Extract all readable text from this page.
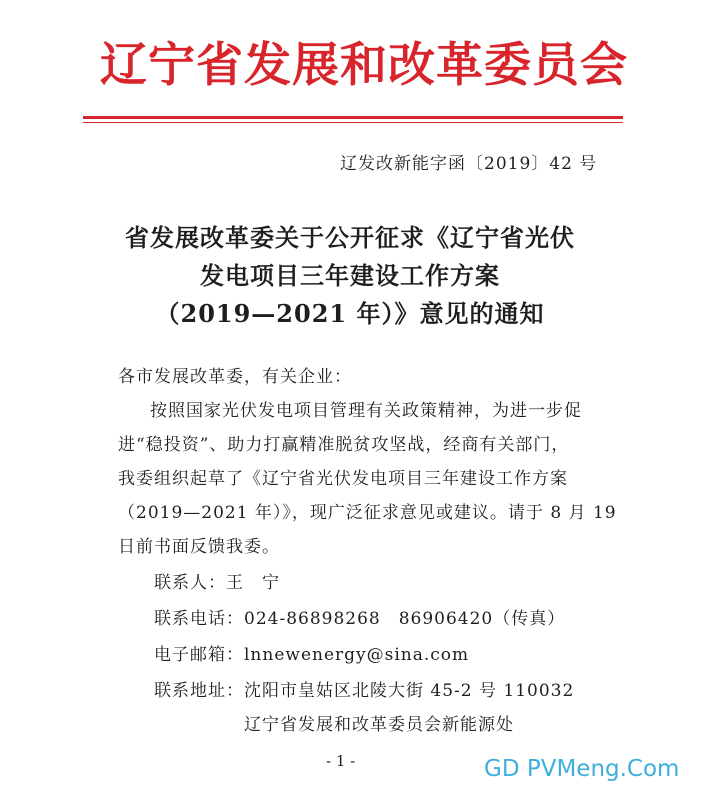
辽宁省发展和改革委员会
辽发改新能字函〔2019〕42 号
省发展改革委关于公开征求《辽宁省光伏
发电项目三年建设工作方案
（2019—2021 年）》意见的通知
各市发展改革委，有关企业：
按照国家光伏发电项目管理有关政策精神，为进一步促
进“稳投资”、助力打赢精准脱贫攻坚战，经商有关部门，
我委组织起草了《辽宁省光伏发电项目三年建设工作方案
（2019—2021 年）》，现广泛征求意见或建议。请于 8 月 19
日前书面反馈我委。
联系人：王　宁
联系电话：024-86898268　86906420（传真）
电子邮箱：lnnewenergy@sina.com
联系地址：沈阳市皇姑区北陵大街 45-2 号 110032
辽宁省发展和改革委员会新能源处
- 1 -	GD PVMeng.Com
